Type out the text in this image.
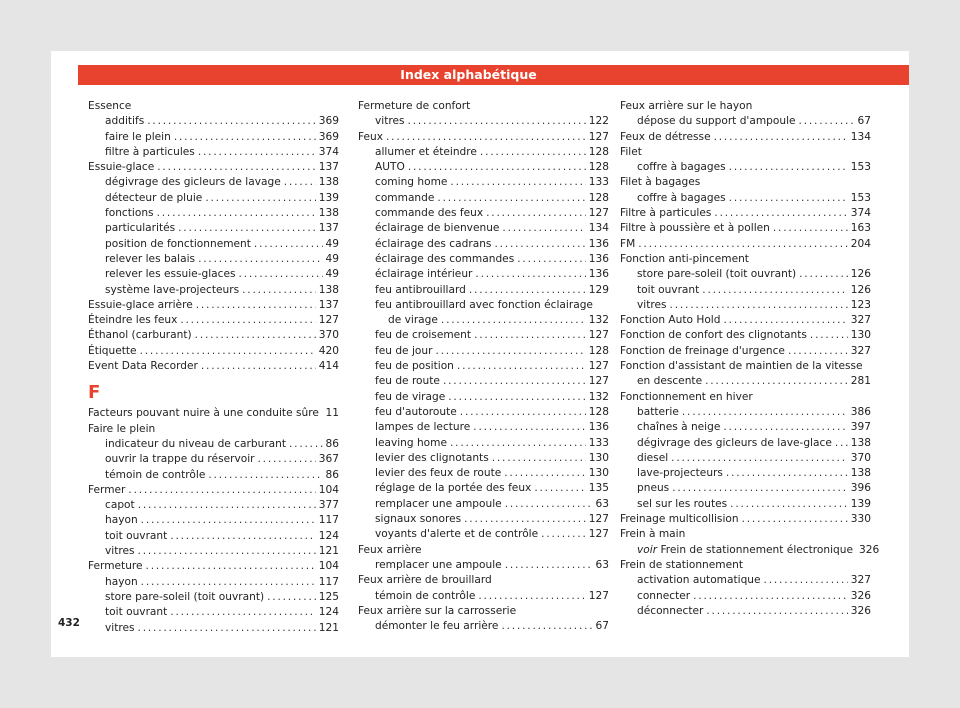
Index alphabétique
Essence
additifs .....	369
faire le plein .....	369
filtre à particules .....	374
Essuie-glace .....	137
dégivrage des gicleurs de lavage .....	138
détecteur de pluie .....	139
fonctions .....	138
particularités .....	137
position de fonctionnement .....	49
relever les balais .....	49
relever les essuie-glaces .....	49
système lave-projecteurs .....	138
Essuie-glace arrière .....	137
Éteindre les feux .....	127
Éthanol (carburant) .....	370
Étiquette .....	420
Event Data Recorder .....	414
F
Facteurs pouvant nuire à une conduite sûre ..... 11
Faire le plein
indicateur du niveau de carburant .....	86
ouvrir la trappe du réservoir .....	367
témoin de contrôle .....	86
Fermer .....	104
capot .....	377
hayon .....	117
toit ouvrant .....	124
vitres .....	121
Fermeture .....	104
hayon .....	117
store pare-soleil (toit ouvrant) .....	125
toit ouvrant .....	124
vitres .....	121
Fermeture de confort
vitres .....	122
Feux .....	127
allumer et éteindre .....	128
AUTO .....	128
coming home .....	133
commande .....	128
commande des feux .....	127
éclairage de bienvenue .....	134
éclairage des cadrans .....	136
éclairage des commandes .....	136
éclairage intérieur .....	136
feu antibrouillard .....	129
feu antibrouillard avec fonction éclairage
de virage .....	132
feu de croisement .....	127
feu de jour .....	128
feu de position .....	127
feu de route .....	127
feu de virage .....	132
feu d'autoroute .....	128
lampes de lecture .....	136
leaving home .....	133
levier des clignotants .....	130
levier des feux de route .....	130
réglage de la portée des feux .....	135
remplacer une ampoule .....	63
signaux sonores .....	127
voyants d'alerte et de contrôle .....	127
Feux arrière
remplacer une ampoule .....	63
Feux arrière de brouillard
témoin de contrôle .....	127
Feux arrière sur la carrosserie
démonter le feu arrière .....	67
Feux arrière sur le hayon
dépose du support d'ampoule .....	67
Feux de détresse .....	134
Filet
coffre à bagages .....	153
Filet à bagages
coffre à bagages .....	153
Filtre à particules .....	374
Filtre à poussière et à pollen .....	163
FM .....	204
Fonction anti-pincement
store pare-soleil (toit ouvrant) .....	126
toit ouvrant .....	126
vitres .....	123
Fonction Auto Hold .....	327
Fonction de confort des clignotants .....	130
Fonction de freinage d'urgence .....	327
Fonction d'assistant de maintien de la vitesse
en descente .....	281
Fonctionnement en hiver
batterie .....	386
chaînes à neige .....	397
dégivrage des gicleurs de lave-glace ..... 138
diesel .....	370
lave-projecteurs .....	138
pneus .....	396
sel sur les routes .....	139
Freinage multicollision .....	330
Frein à main
voir Frein de stationnement électronique 326
Frein de stationnement
activation automatique .....	327
connecter .....	326
déconnecter .....	326
432
